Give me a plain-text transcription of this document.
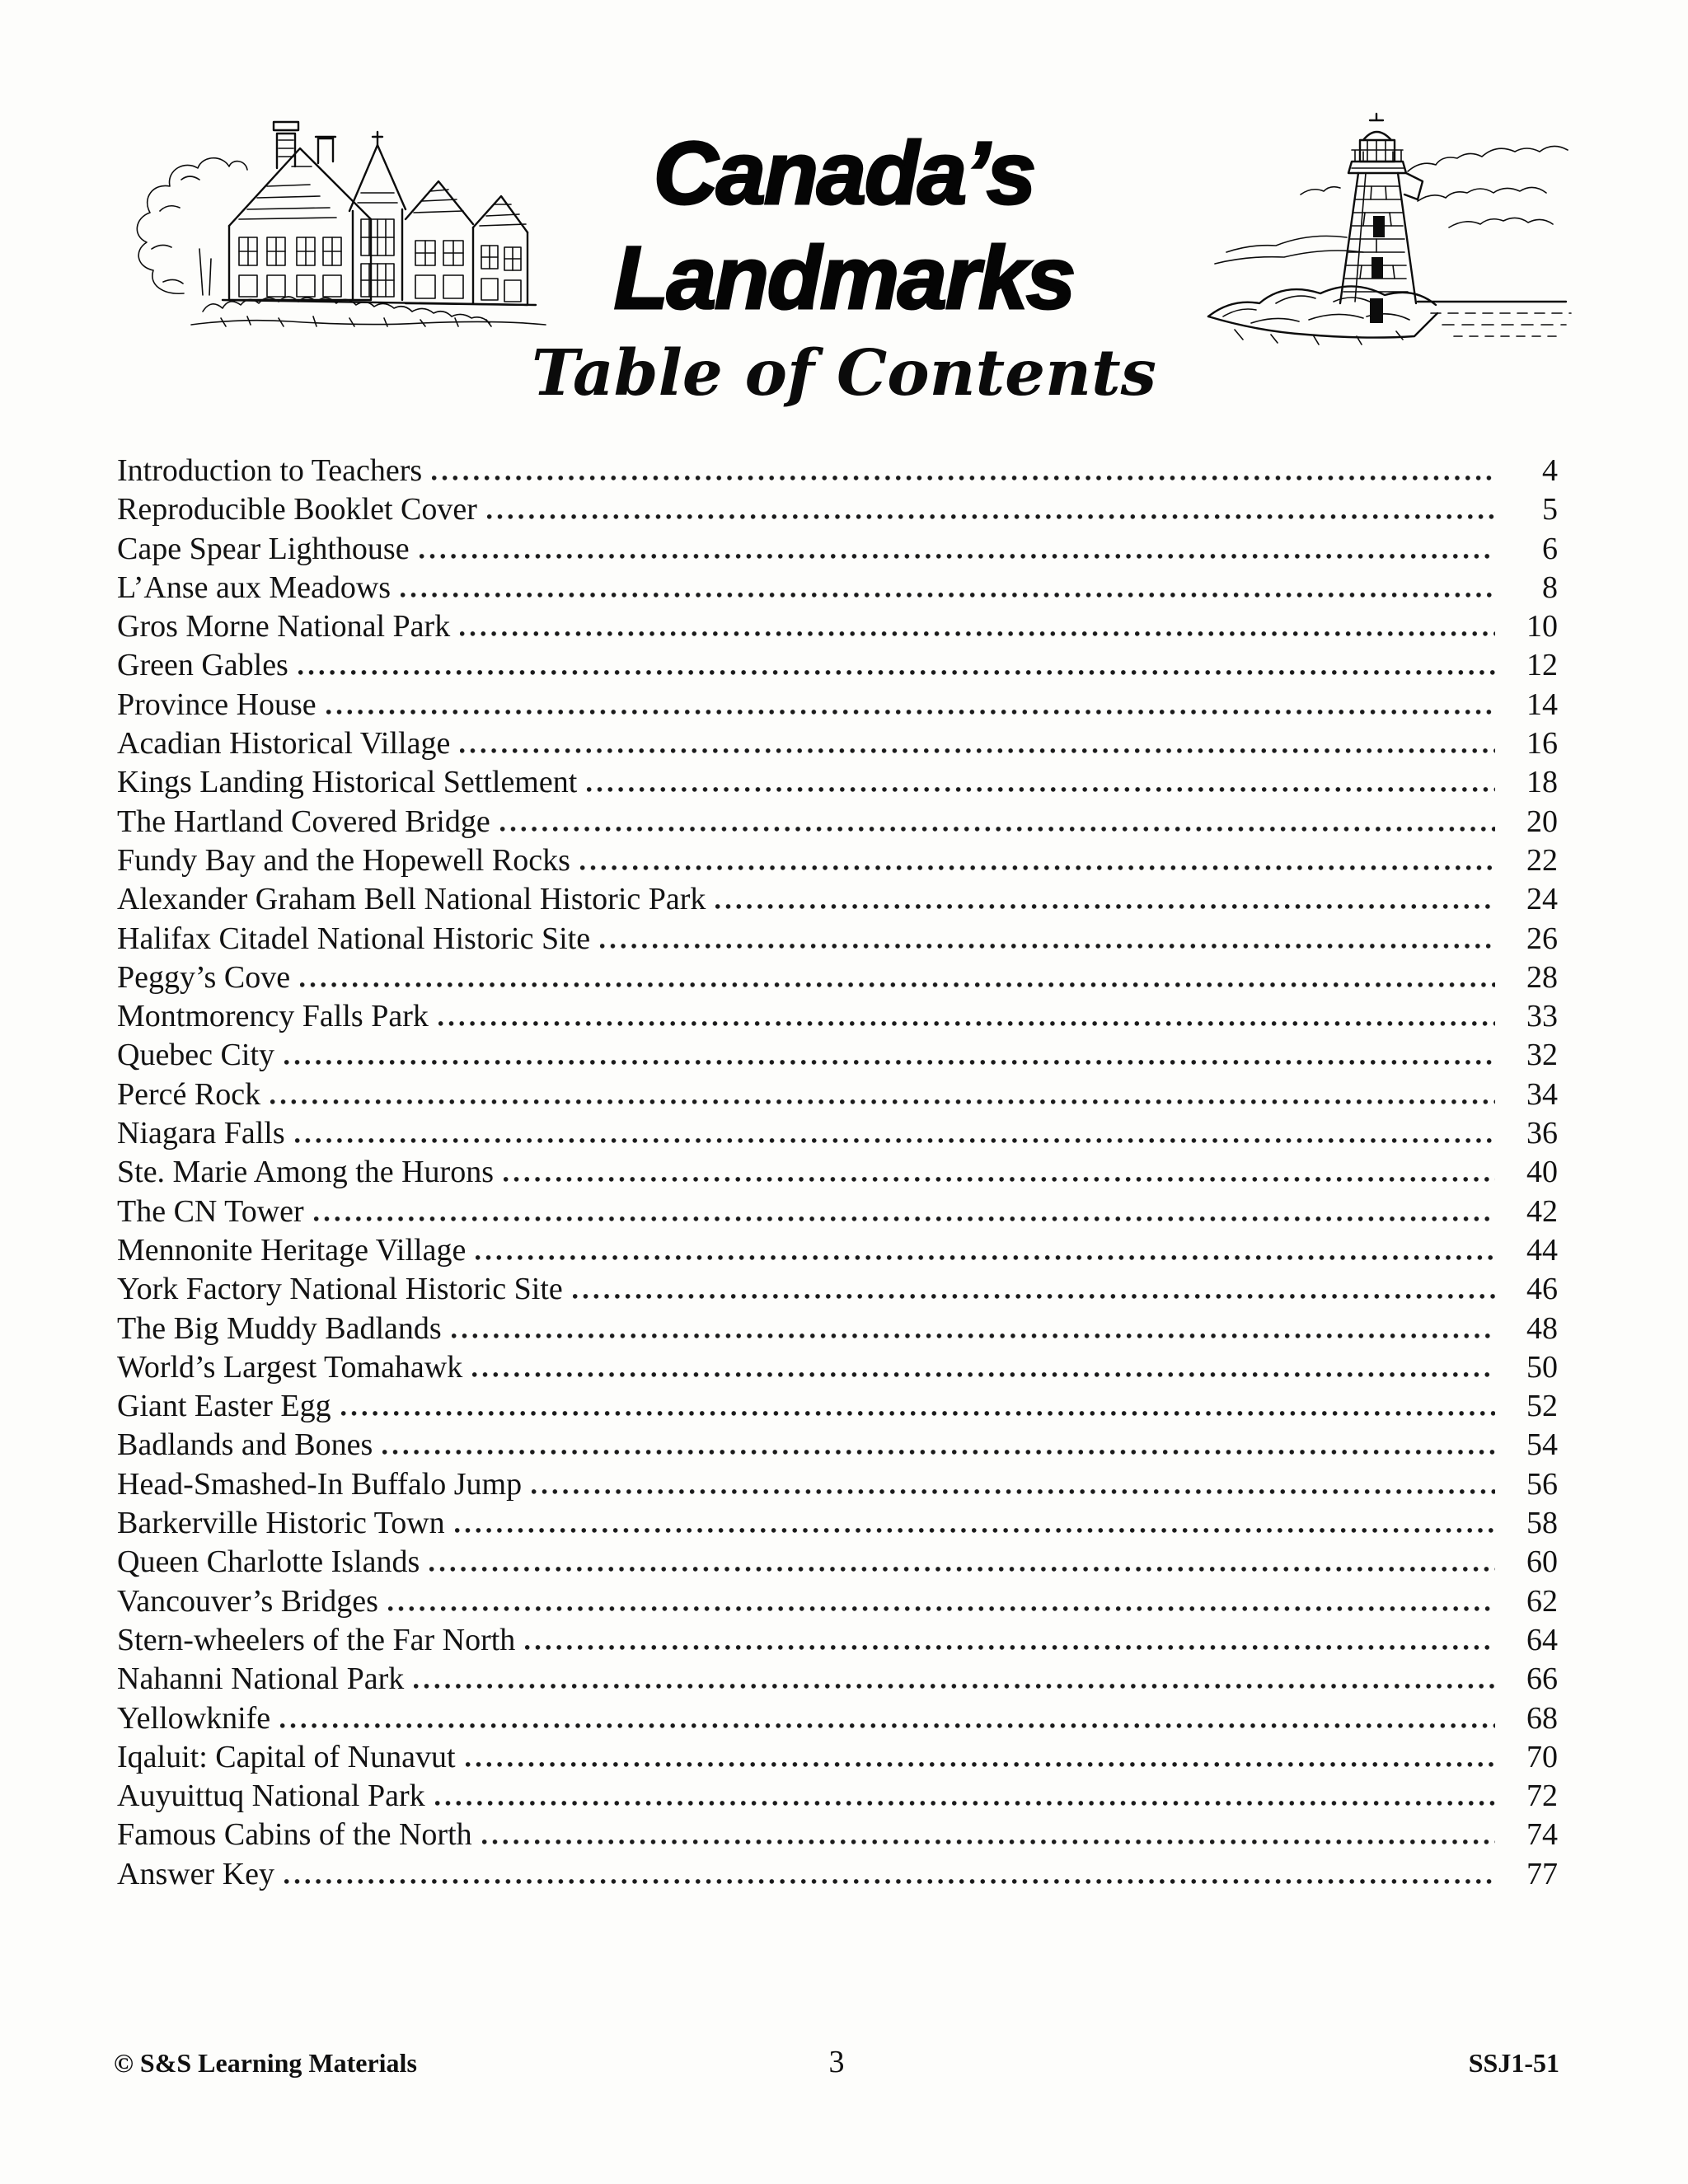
Canada’s
Landmarks
Table of Contents
Introduction to Teachers	4
Reproducible Booklet Cover	5
Cape Spear Lighthouse	6
L’Anse aux Meadows	8
Gros Morne National Park	10
Green Gables	12
Province House	14
Acadian Historical Village	16
Kings Landing Historical Settlement	18
The Hartland Covered Bridge	20
Fundy Bay and the Hopewell Rocks	22
Alexander Graham Bell National Historic Park	24
Halifax Citadel National Historic Site	26
Peggy’s Cove	28
Montmorency Falls Park	33
Quebec City	32
Percé Rock	34
Niagara Falls	36
Ste. Marie Among the Hurons	40
The CN Tower	42
Mennonite Heritage Village	44
York Factory National Historic Site	46
The Big Muddy Badlands	48
World’s Largest Tomahawk	50
Giant Easter Egg	52
Badlands and Bones	54
Head-Smashed-In Buffalo Jump	56
Barkerville Historic Town	58
Queen Charlotte Islands	60
Vancouver’s Bridges	62
Stern-wheelers of the Far North	64
Nahanni National Park	66
Yellowknife	68
Iqaluit: Capital of Nunavut	70
Auyuittuq National Park	72
Famous Cabins of the North	74
Answer Key	77
© S&S Learning Materials	3	SSJ1-51
